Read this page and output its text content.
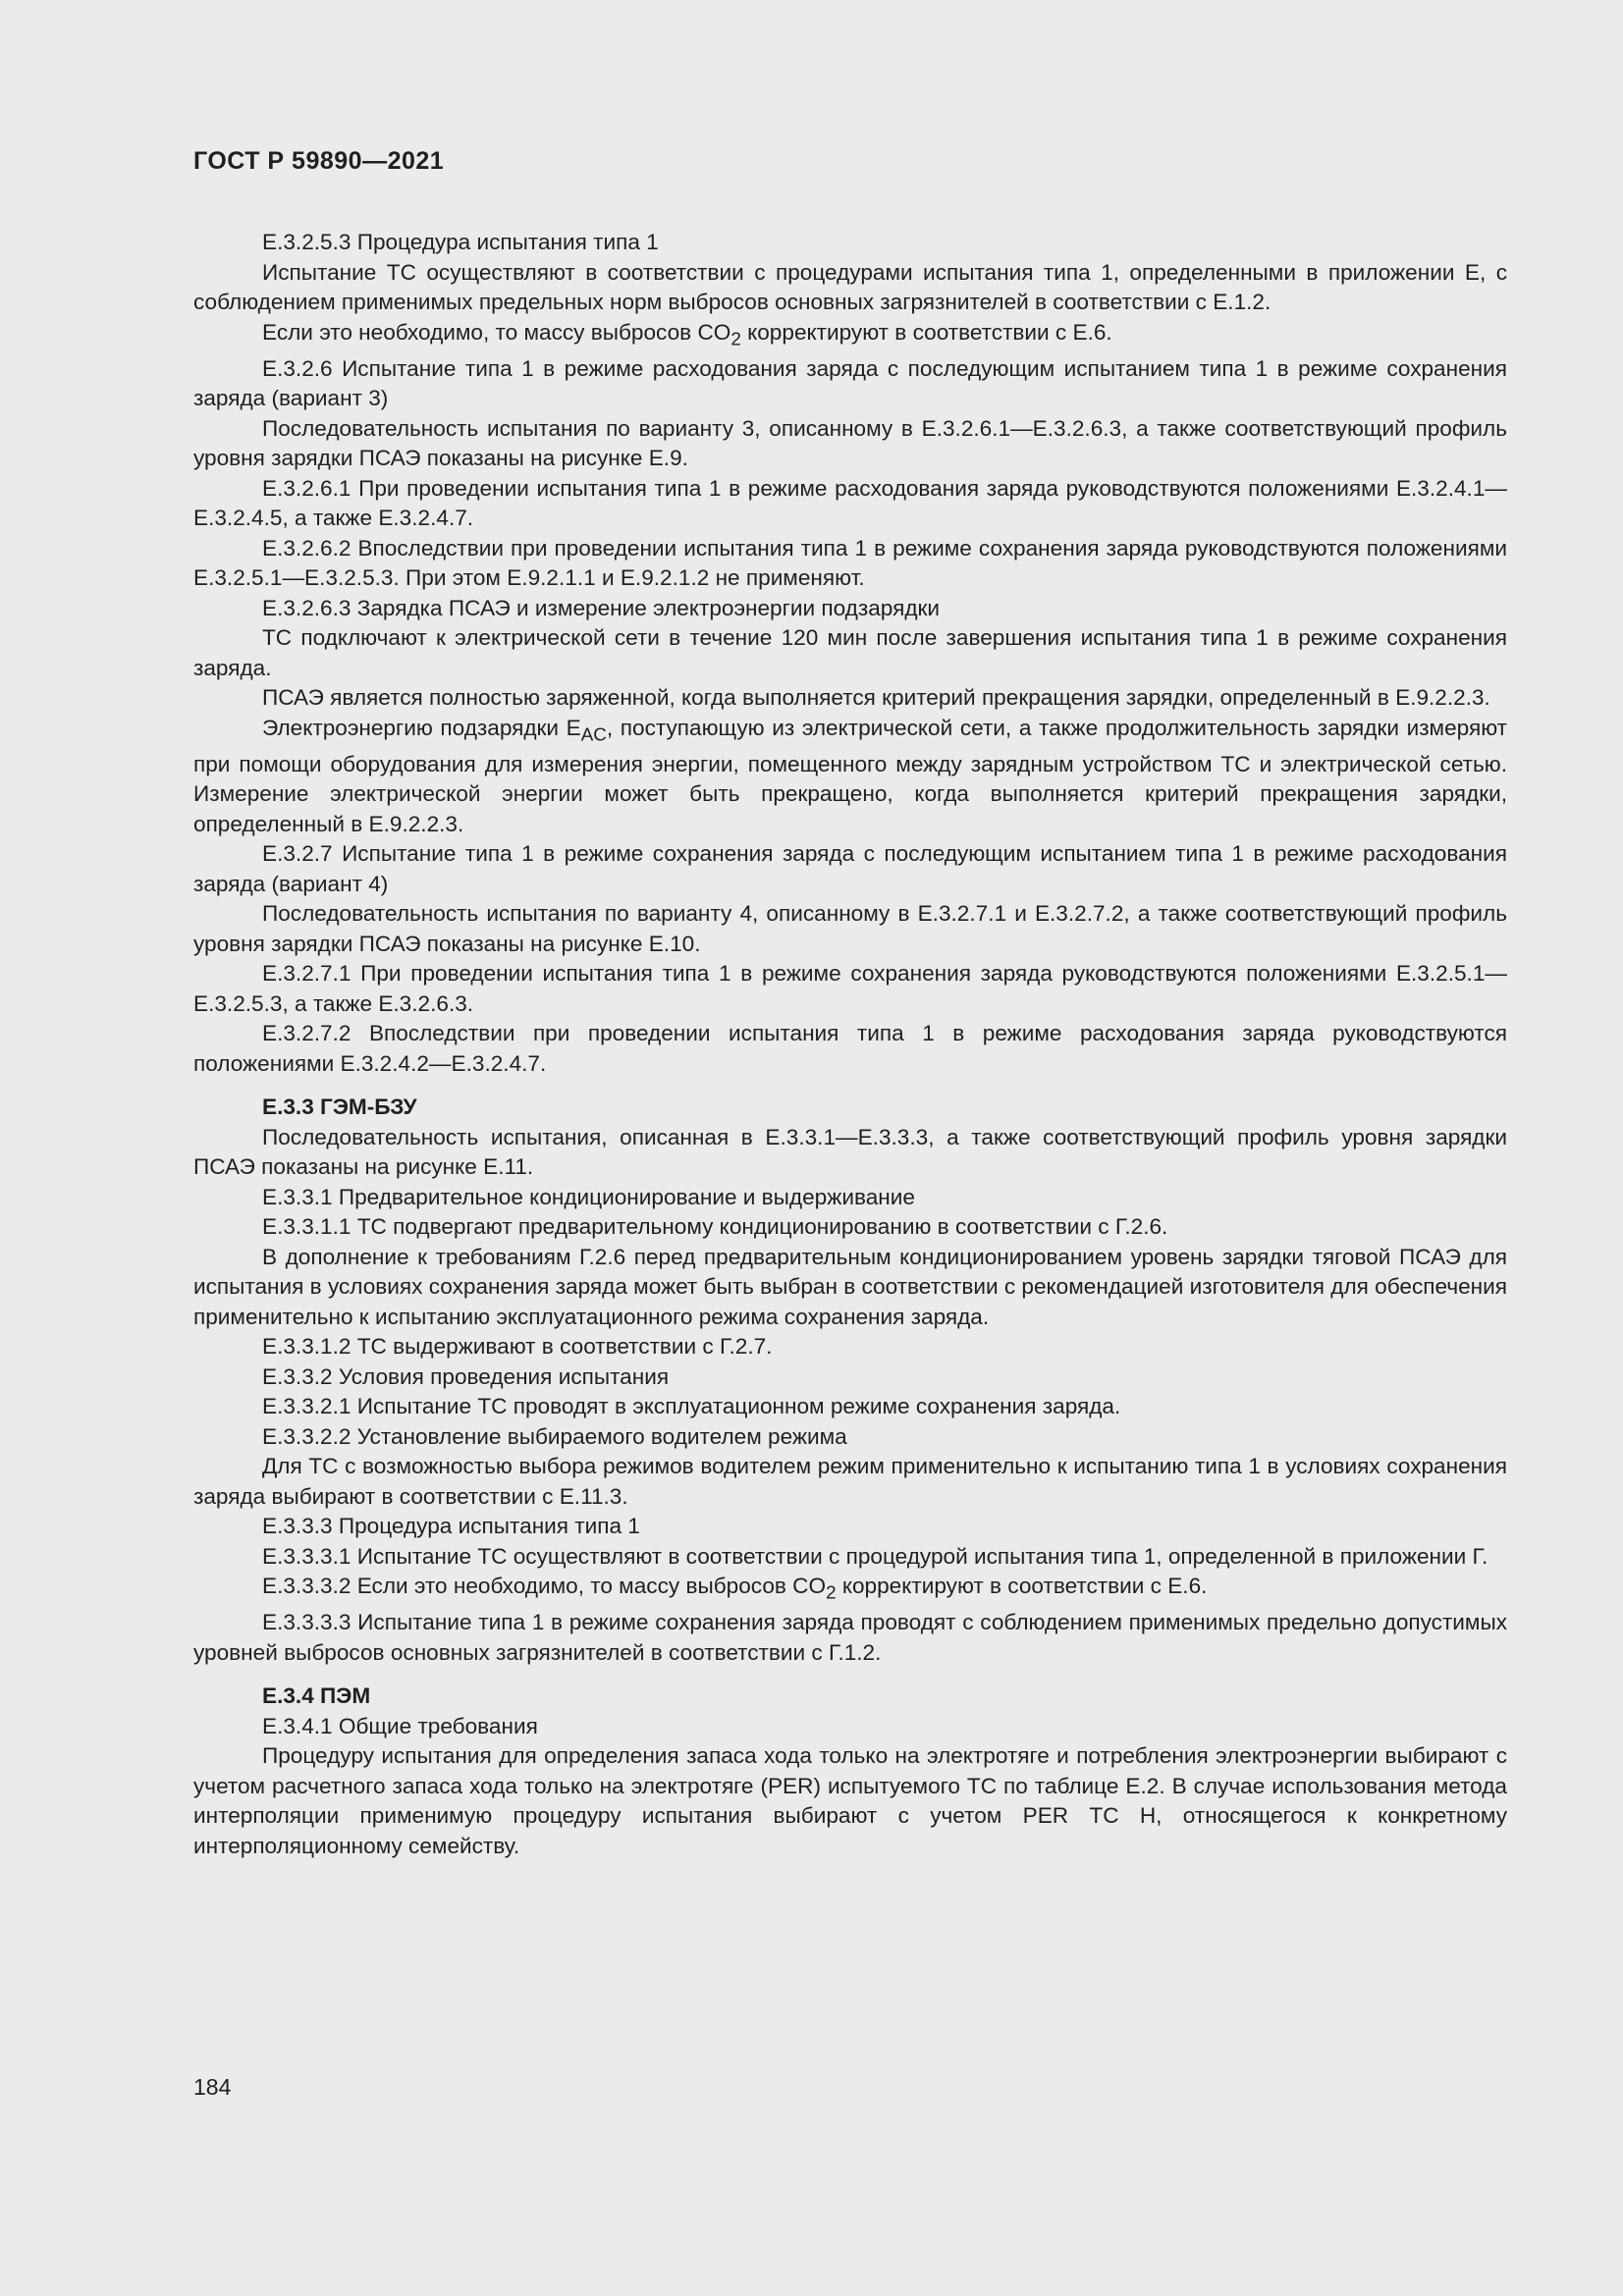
ГОСТ Р 59890—2021

Е.3.2.5.3 Процедура испытания типа 1

Испытание ТС осуществляют в соответствии с процедурами испытания типа 1, определенными в приложении Е, с соблюдением применимых предельных норм выбросов основных загрязнителей в соответствии с Е.1.2.

Если это необходимо, то массу выбросов $CO_2$ корректируют в соответствии с Е.6.

Е.3.2.6 Испытание типа 1 в режиме расходования заряда с последующим испытанием типа 1 в режиме сохранения заряда (вариант 3)

Последовательность испытания по варианту 3, описанному в Е.3.2.6.1—Е.3.2.6.3, а также соответствующий профиль уровня зарядки ПСАЭ показаны на рисунке Е.9.

Е.3.2.6.1 При проведении испытания типа 1 в режиме расходования заряда руководствуются положениями Е.3.2.4.1—Е.3.2.4.5, а также Е.3.2.4.7.

Е.3.2.6.2 Впоследствии при проведении испытания типа 1 в режиме сохранения заряда руководствуются положениями Е.3.2.5.1—Е.3.2.5.3. При этом Е.9.2.1.1 и Е.9.2.1.2 не применяют.

Е.3.2.6.3 Зарядка ПСАЭ и измерение электроэнергии подзарядки

ТС подключают к электрической сети в течение 120 мин после завершения испытания типа 1 в режиме сохранения заряда.

ПСАЭ является полностью заряженной, когда выполняется критерий прекращения зарядки, определенный в Е.9.2.2.3.

Электроэнергию подзарядки $E_{AC}$, поступающую из электрической сети, а также продолжительность зарядки измеряют при помощи оборудования для измерения энергии, помещенного между зарядным устройством ТС и электрической сетью. Измерение электрической энергии может быть прекращено, когда выполняется критерий прекращения зарядки, определенный в Е.9.2.2.3.

Е.3.2.7 Испытание типа 1 в режиме сохранения заряда с последующим испытанием типа 1 в режиме расходования заряда (вариант 4)

Последовательность испытания по варианту 4, описанному в Е.3.2.7.1 и Е.3.2.7.2, а также соответствующий профиль уровня зарядки ПСАЭ показаны на рисунке Е.10.

Е.3.2.7.1 При проведении испытания типа 1 в режиме сохранения заряда руководствуются положениями Е.3.2.5.1—Е.3.2.5.3, а также Е.3.2.6.3.

Е.3.2.7.2 Впоследствии при проведении испытания типа 1 в режиме расходования заряда руководствуются положениями Е.3.2.4.2—Е.3.2.4.7.

Е.3.3 ГЭМ-БЗУ

Последовательность испытания, описанная в Е.3.3.1—Е.3.3.3, а также соответствующий профиль уровня зарядки ПСАЭ показаны на рисунке Е.11.

Е.3.3.1 Предварительное кондиционирование и выдерживание

Е.3.3.1.1 ТС подвергают предварительному кондиционированию в соответствии с Г.2.6.

В дополнение к требованиям Г.2.6 перед предварительным кондиционированием уровень зарядки тяговой ПСАЭ для испытания в условиях сохранения заряда может быть выбран в соответствии с рекомендацией изготовителя для обеспечения применительно к испытанию эксплуатационного режима сохранения заряда.

Е.3.3.1.2 ТС выдерживают в соответствии с Г.2.7.

Е.3.3.2 Условия проведения испытания

Е.3.3.2.1 Испытание ТС проводят в эксплуатационном режиме сохранения заряда.

Е.3.3.2.2 Установление выбираемого водителем режима

Для ТС с возможностью выбора режимов водителем режим применительно к испытанию типа 1 в условиях сохранения заряда выбирают в соответствии с Е.11.3.

Е.3.3.3 Процедура испытания типа 1

Е.3.3.3.1 Испытание ТС осуществляют в соответствии с процедурой испытания типа 1, определенной в приложении Г.

Е.3.3.3.2 Если это необходимо, то массу выбросов $CO_2$ корректируют в соответствии с Е.6.

Е.3.3.3.3 Испытание типа 1 в режиме сохранения заряда проводят с соблюдением применимых предельно допустимых уровней выбросов основных загрязнителей в соответствии с Г.1.2.

Е.3.4 ПЭМ

Е.3.4.1 Общие требования

Процедуру испытания для определения запаса хода только на электротяге и потребления электроэнергии выбирают с учетом расчетного запаса хода только на электротяге (PER) испытуемого ТС по таблице Е.2. В случае использования метода интерполяции применимую процедуру испытания выбирают с учетом PER ТС H, относящегося к конкретному интерполяционному семейству.

184
